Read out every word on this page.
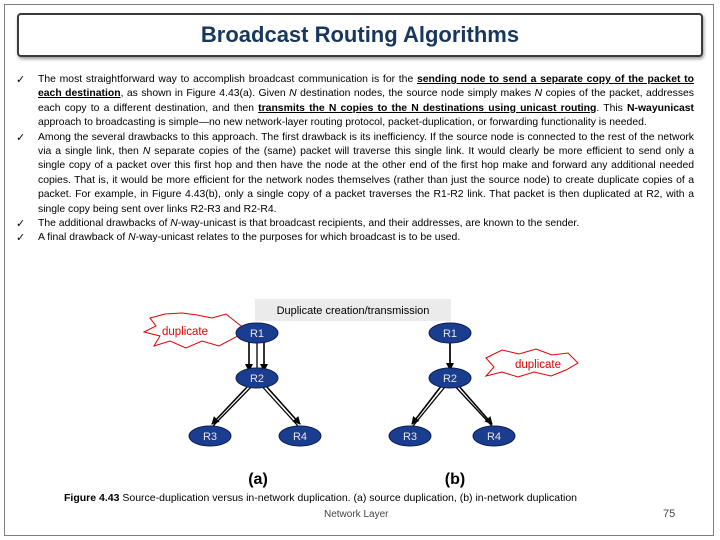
Broadcast Routing Algorithms
✓ The most straightforward way to accomplish broadcast communication is for the sending node to send a separate copy of the packet to each destination, as shown in Figure 4.43(a). Given N destination nodes, the source node simply makes N copies of the packet, addresses each copy to a different destination, and then transmits the N copies to the N destinations using unicast routing. This N-wayunicast approach to broadcasting is simple—no new network-layer routing protocol, packet-duplication, or forwarding functionality is needed.
✓ Among the several drawbacks to this approach. The first drawback is its inefficiency. If the source node is connected to the rest of the network via a single link, then N separate copies of the (same) packet will traverse this single link. It would clearly be more efficient to send only a single copy of a packet over this first hop and then have the node at the other end of the first hop make and forward any additional needed copies. That is, it would be more efficient for the network nodes themselves (rather than just the source node) to create duplicate copies of a packet. For example, in Figure 4.43(b), only a single copy of a packet traverses the R1-R2 link. That packet is then duplicated at R2, with a single copy being sent over links R2-R3 and R2-R4.
✓ The additional drawbacks of N-way-unicast is that broadcast recipients, and their addresses, are known to the sender.
✓ A final drawback of N-way-unicast relates to the purposes for which broadcast is to be used.
Duplicate creation/transmission
duplicate
duplicate
R1
R2
R3	R4
R1
R2
R3	R4
(a)	(b)
Figure 4.43 Source-duplication versus in-network duplication. (a) source duplication, (b) in-network duplication
Network Layer	75
